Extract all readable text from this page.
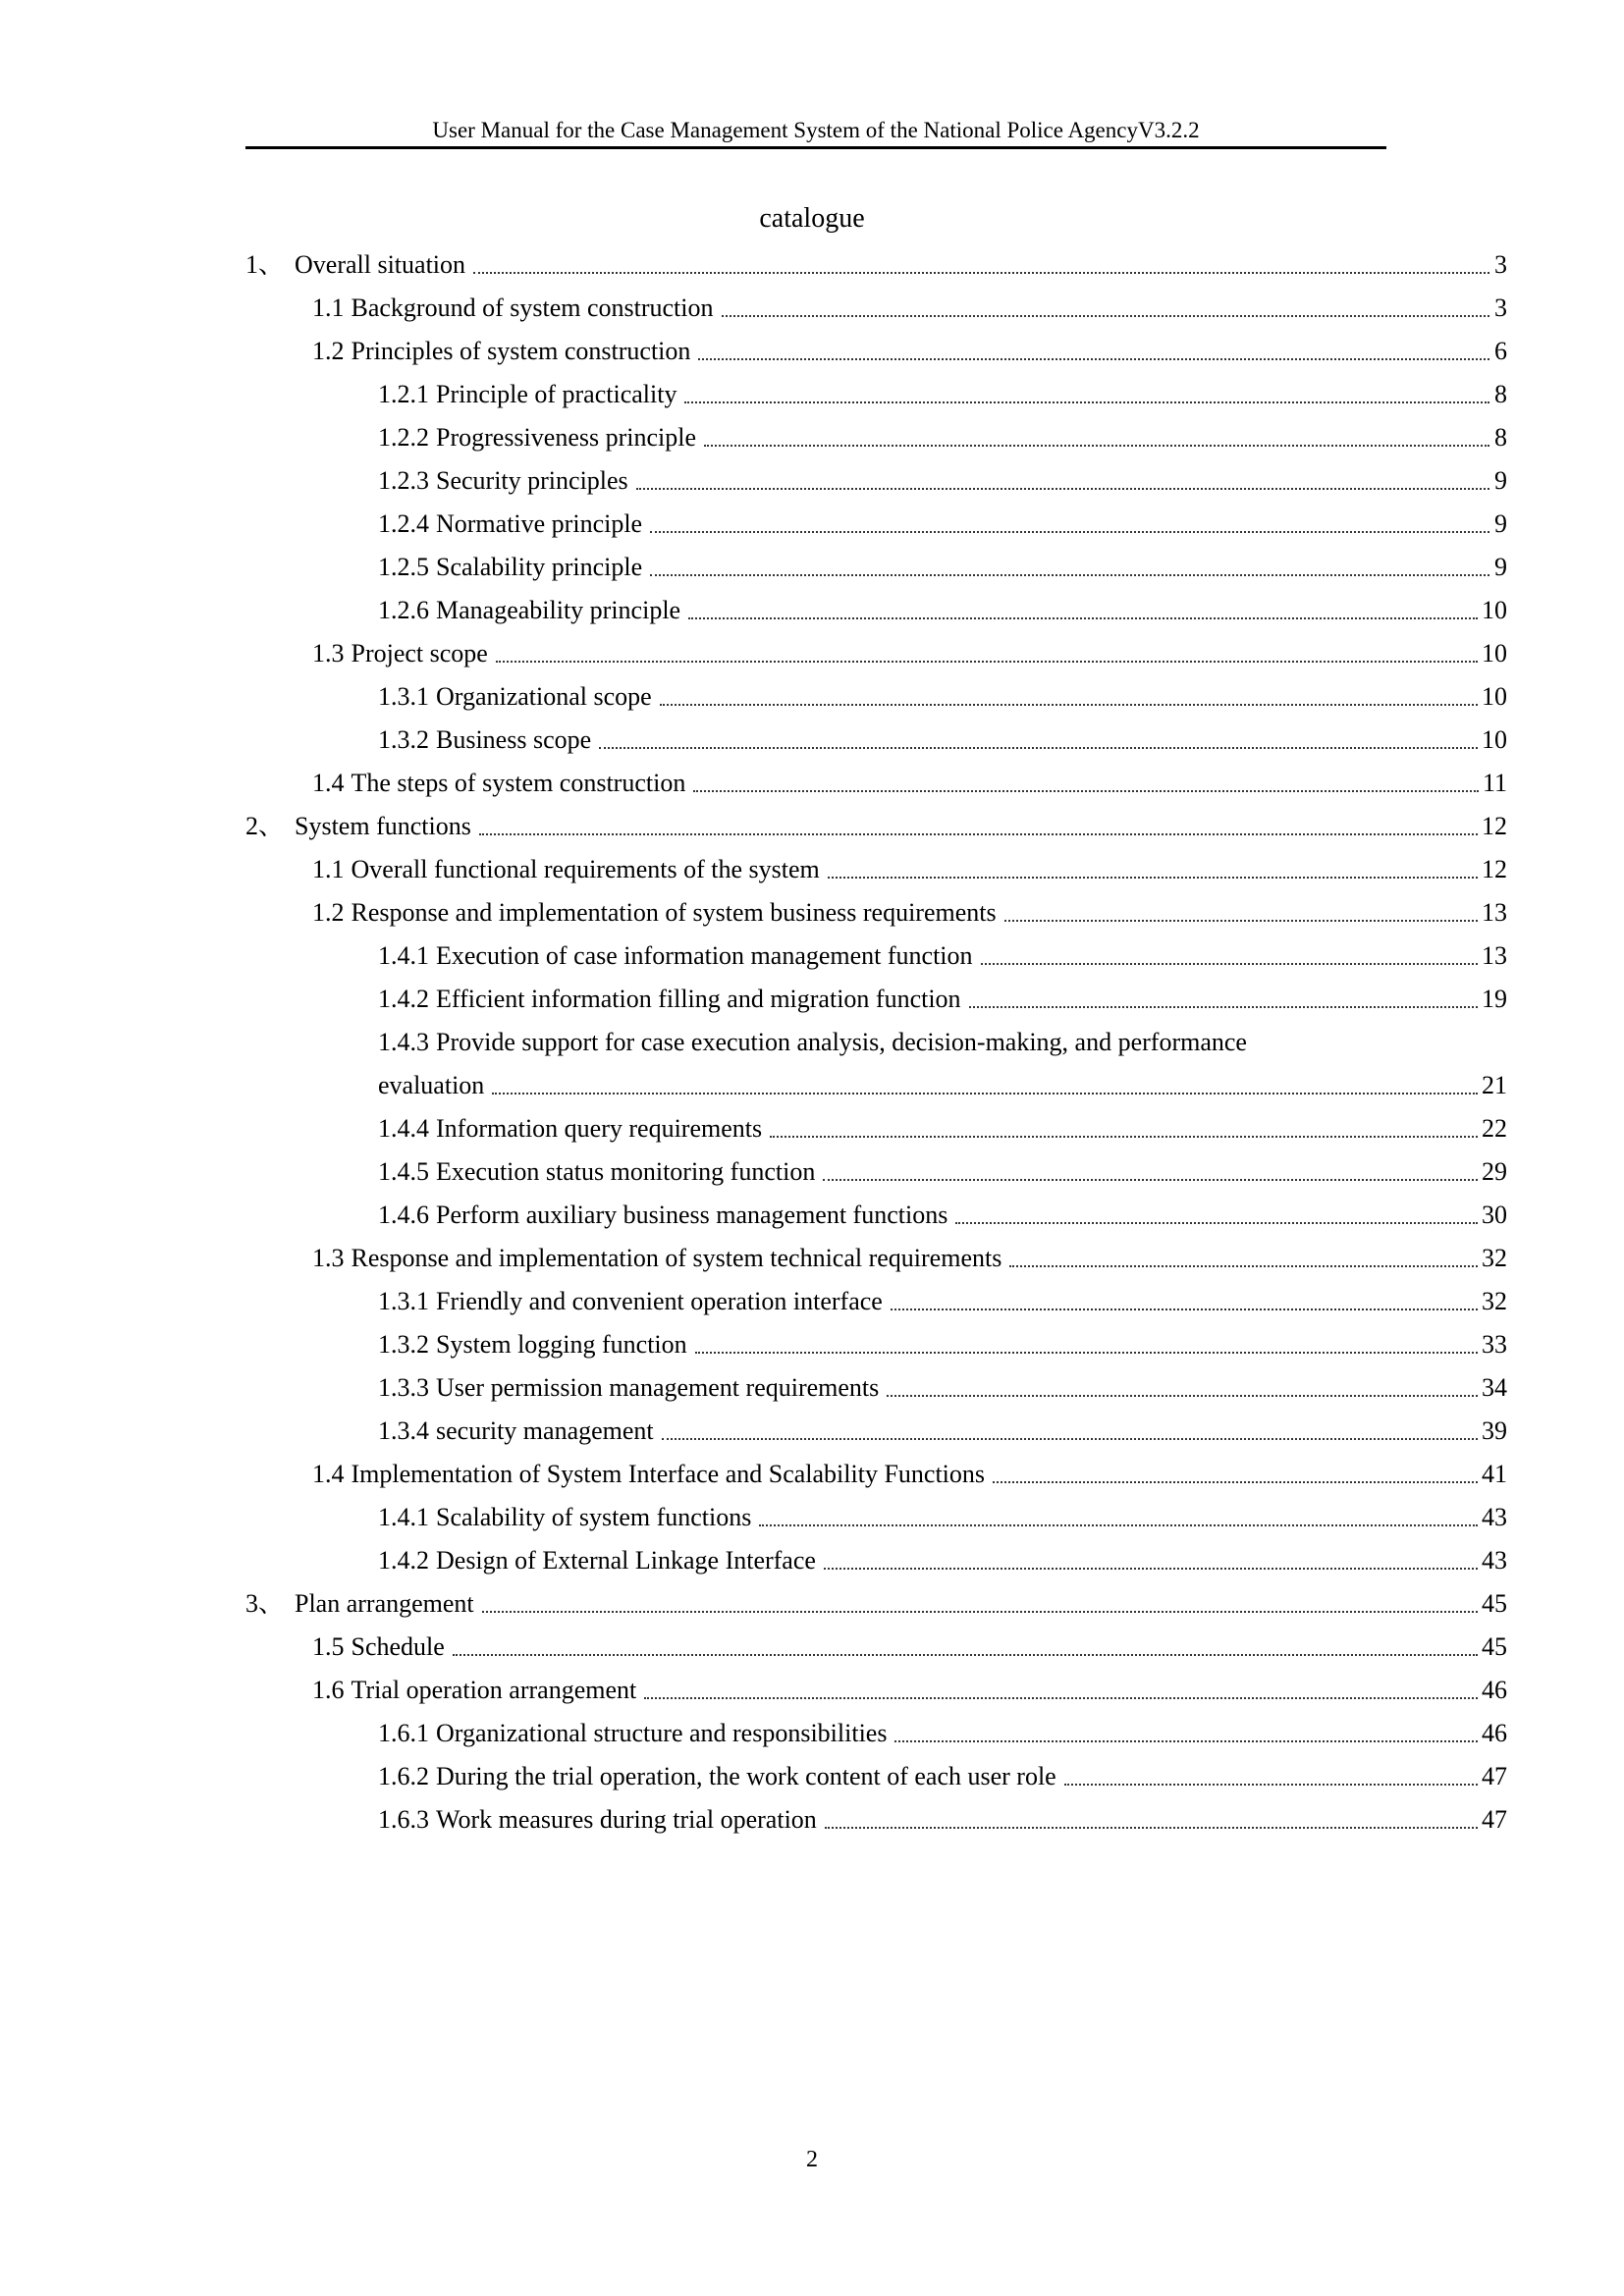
User Manual for the Case Management System of the National Police AgencyV3.2.2
catalogue
1、 Overall situation	3
1.1 Background of system construction	3
1.2 Principles of system construction	6
1.2.1 Principle of practicality	8
1.2.2 Progressiveness principle	8
1.2.3 Security principles	9
1.2.4 Normative principle	9
1.2.5 Scalability principle	9
1.2.6 Manageability principle	10
1.3 Project scope	10
1.3.1 Organizational scope	10
1.3.2 Business scope	10
1.4 The steps of system construction	11
2、 System functions	12
1.1 Overall functional requirements of the system	12
1.2 Response and implementation of system business requirements	13
1.4.1 Execution of case information management function	13
1.4.2 Efficient information filling and migration function	19
1.4.3 Provide support for case execution analysis, decision-making, and performance
evaluation	21
1.4.4 Information query requirements	22
1.4.5 Execution status monitoring function	29
1.4.6 Perform auxiliary business management functions	30
1.3 Response and implementation of system technical requirements	32
1.3.1 Friendly and convenient operation interface	32
1.3.2 System logging function	33
1.3.3 User permission management requirements	34
1.3.4 security management	39
1.4 Implementation of System Interface and Scalability Functions	41
1.4.1 Scalability of system functions	43
1.4.2 Design of External Linkage Interface	43
3、 Plan arrangement	45
1.5 Schedule	45
1.6 Trial operation arrangement	46
1.6.1 Organizational structure and responsibilities	46
1.6.2 During the trial operation, the work content of each user role	47
1.6.3 Work measures during trial operation	47
2
